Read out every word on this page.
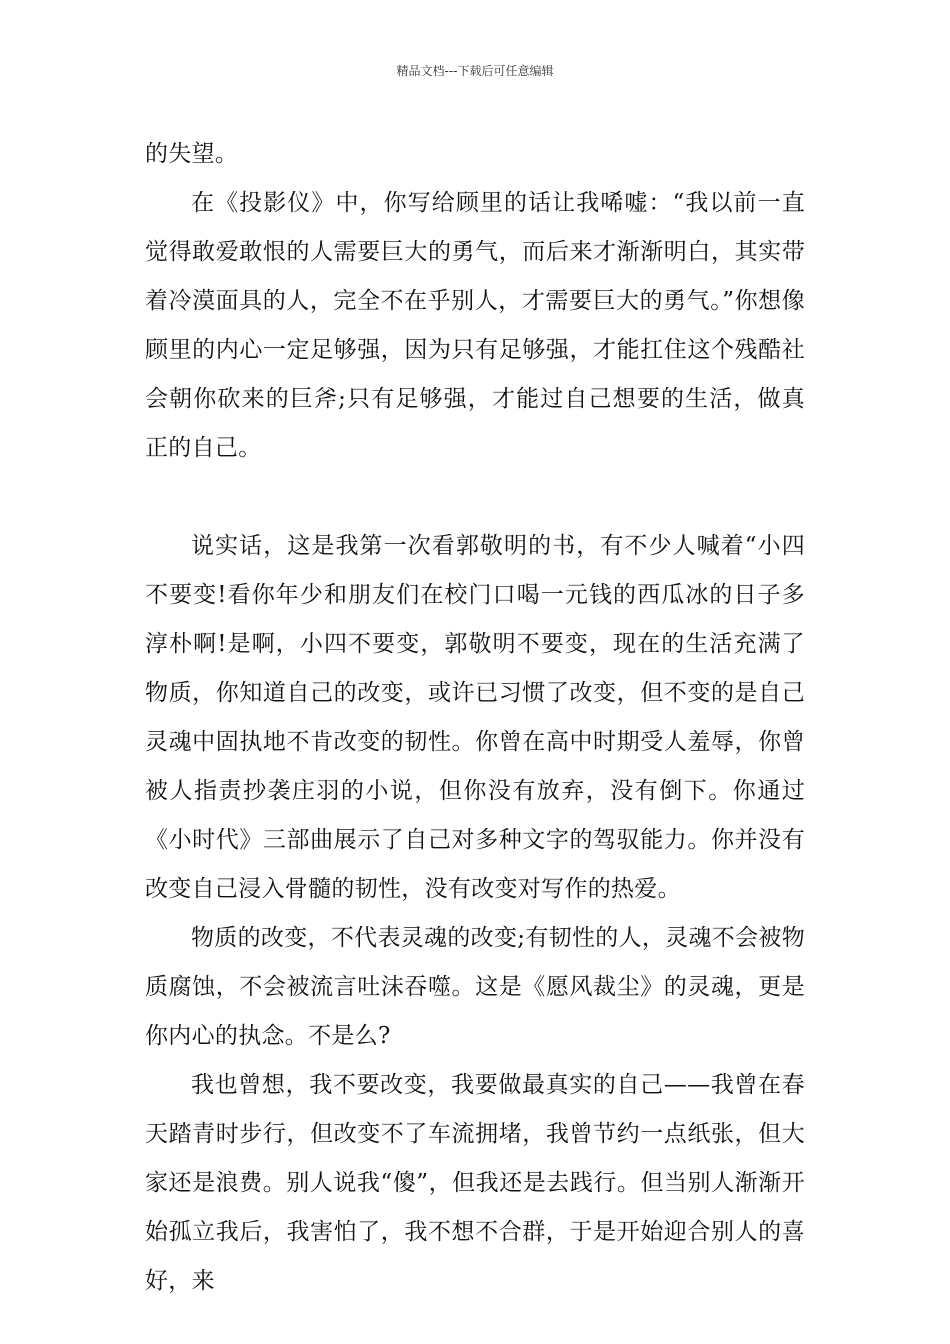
精品文档---下载后可任意编辑

的失望。

在《投影仪》中，你写给顾里的话让我唏嘘：“我以前一直觉得敢爱敢恨的人需要巨大的勇气，而后来才渐渐明白，其实带着冷漠面具的人，完全不在乎别人，才需要巨大的勇气。”你想像顾里的内心一定足够强，因为只有足够强，才能扛住这个残酷社会朝你砍来的巨斧;只有足够强，才能过自己想要的生活，做真正的自己。

说实话，这是我第一次看郭敬明的书，有不少人喊着“小四不要变!看你年少和朋友们在校门口喝一元钱的西瓜冰的日子多淳朴啊!是啊，小四不要变，郭敬明不要变，现在的生活充满了物质，你知道自己的改变，或许已习惯了改变，但不变的是自己灵魂中固执地不肯改变的韧性。你曾在高中时期受人羞辱，你曾被人指责抄袭庄羽的小说，但你没有放弃，没有倒下。你通过《小时代》三部曲展示了自己对多种文字的驾驭能力。你并没有改变自己浸入骨髓的韧性，没有改变对写作的热爱。

物质的改变，不代表灵魂的改变;有韧性的人，灵魂不会被物质腐蚀，不会被流言吐沫吞噬。这是《愿风裁尘》的灵魂，更是你内心的执念。不是么?

我也曾想，我不要改变，我要做最真实的自己——我曾在春天踏青时步行，但改变不了车流拥堵，我曾节约一点纸张，但大家还是浪费。别人说我“傻”，但我还是去践行。但当别人渐渐开始孤立我后，我害怕了，我不想不合群，于是开始迎合别人的喜好，来
